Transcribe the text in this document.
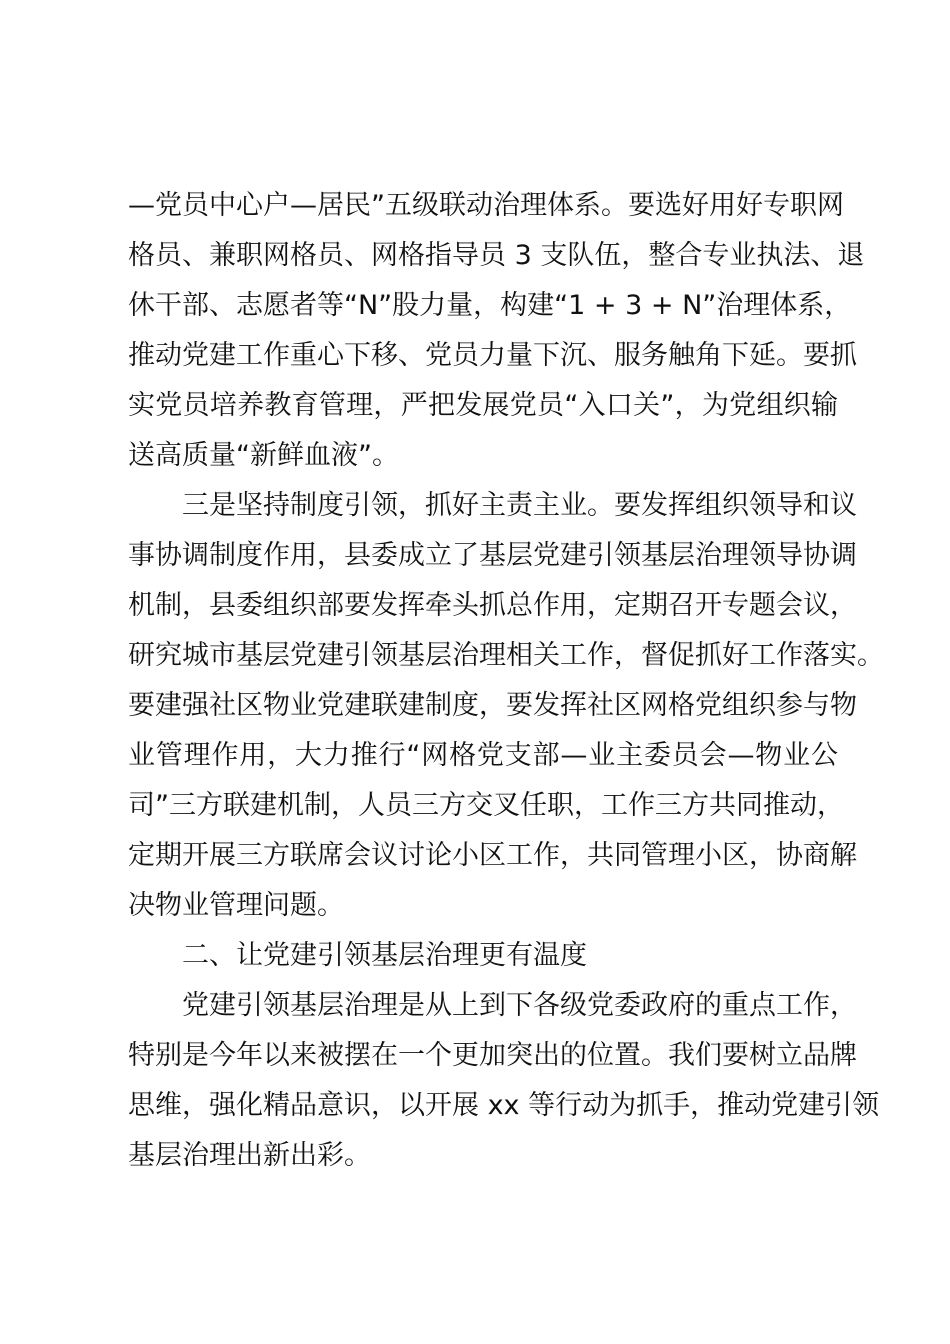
—党员中心户—居民”五级联动治理体系。要选好用好专职网
格员、兼职网格员、网格指导员 3 支队伍，整合专业执法、退
休干部、志愿者等“N”股力量，构建“1 + 3 + N”治理体系，
推动党建工作重心下移、党员力量下沉、服务触角下延。要抓
实党员培养教育管理，严把发展党员“入口关”，为党组织输
送高质量“新鲜血液”。
三是坚持制度引领，抓好主责主业。要发挥组织领导和议
事协调制度作用，县委成立了基层党建引领基层治理领导协调
机制，县委组织部要发挥牵头抓总作用，定期召开专题会议，
研究城市基层党建引领基层治理相关工作，督促抓好工作落实。
要建强社区物业党建联建制度，要发挥社区网格党组织参与物
业管理作用，大力推行“网格党支部—业主委员会—物业公
司”三方联建机制，人员三方交叉任职，工作三方共同推动，
定期开展三方联席会议讨论小区工作，共同管理小区，协商解
决物业管理问题。
二、让党建引领基层治理更有温度
党建引领基层治理是从上到下各级党委政府的重点工作，
特别是今年以来被摆在一个更加突出的位置。我们要树立品牌
思维，强化精品意识，以开展 xx 等行动为抓手，推动党建引领
基层治理出新出彩。
